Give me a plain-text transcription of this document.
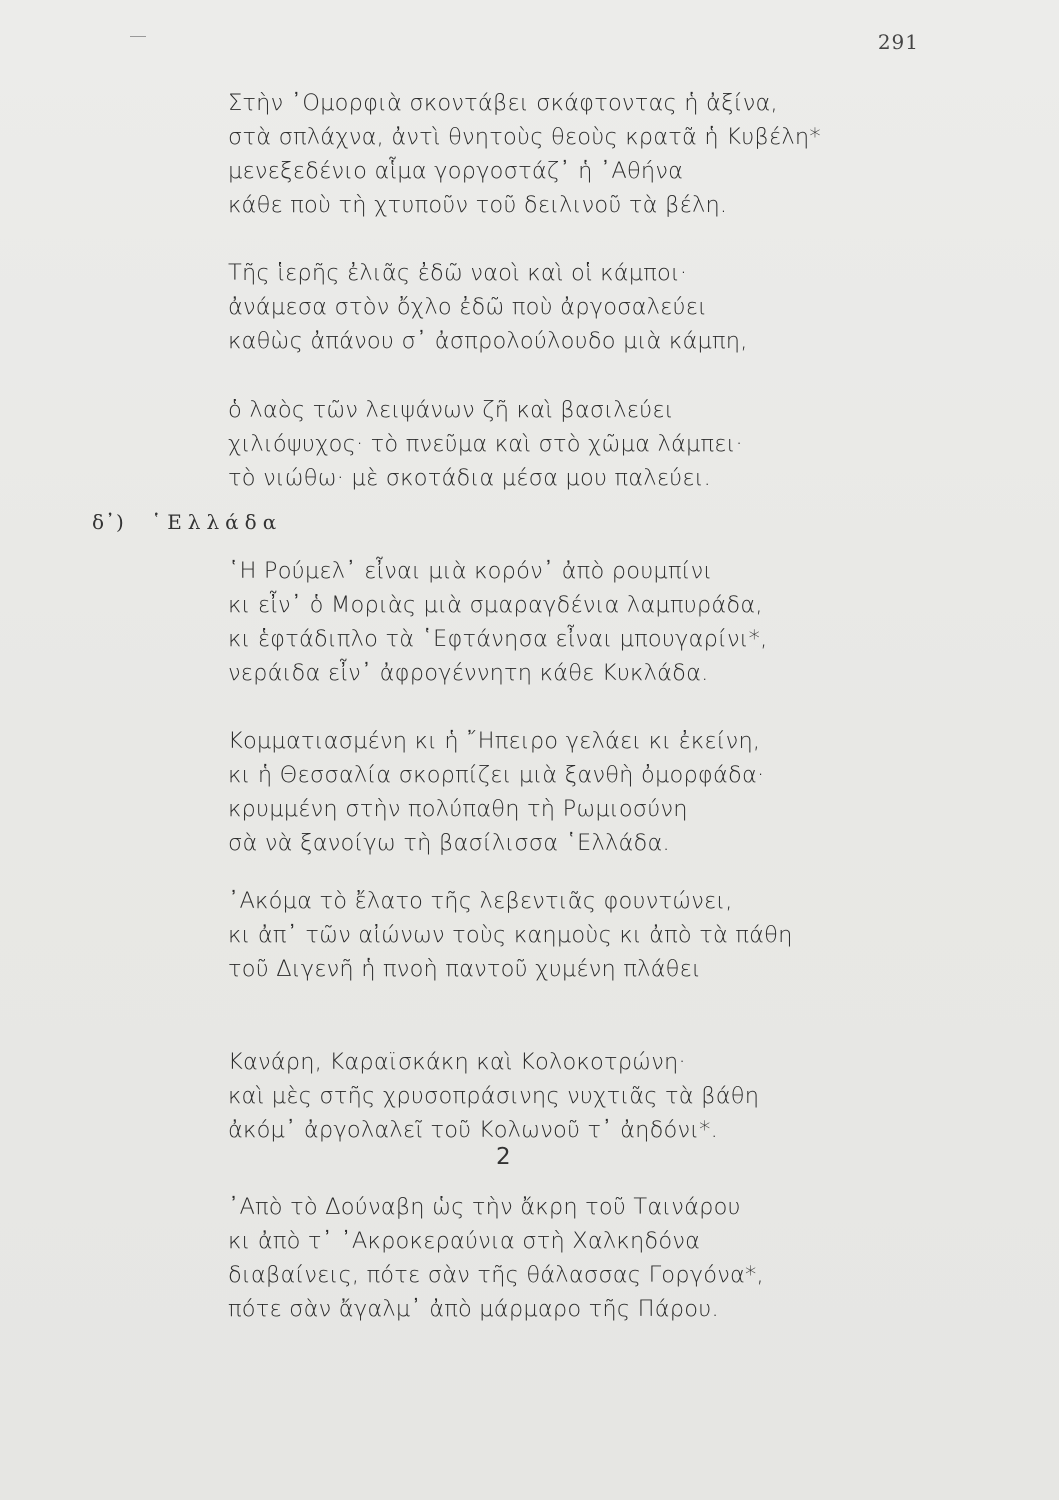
291
Στὴν ᾿Ομορφιὰ σκοντάβει σκάφτοντας ἡ ἀξίνα,
στὰ σπλάχνα, ἀντὶ θνητοὺς θεοὺς κρατᾶ ἡ Κυβέλη*
μενεξεδένιο αἷμα γοργοστάζ᾿ ἡ ᾿Αθήνα
κάθε ποὺ τὴ χτυποῦν τοῦ δειλινοῦ τὰ βέλη.
Τῆς ἱερῆς ἐλιᾶς ἐδῶ ναοὶ καὶ οἱ κάμποι·
ἀνάμεσα στὸν ὄχλο ἐδῶ ποὺ ἀργοσαλεύει
καθὼς ἀπάνου σ᾿ ἀσπρολούλουδο μιὰ κάμπη,
ὁ λαὸς τῶν λειψάνων ζῆ καὶ βασιλεύει
χιλιόψυχος· τὸ πνεῦμα καὶ στὸ χῶμα λάμπει·
τὸ νιώθω· μὲ σκοτάδια μέσα μου παλεύει.
δ᾿) ῾Ελλάδα
῾Η Ρούμελ᾿ εἶναι μιὰ κορόν᾿ ἀπὸ ρουμπίνι
κι εἶν᾿ ὁ Μοριὰς μιὰ σμαραγδένια λαμπυράδα,
κι ἑφτάδιπλο τὰ ῾Εφτάνησα εἶναι μπουγαρίνι*,
νεράιδα εἶν᾿ ἀφρογέννητη κάθε Κυκλάδα.
Κομματιασμένη κι ἡ ῎Ηπειρο γελάει κι ἐκείνη,
κι ἡ Θεσσαλία σκορπίζει μιὰ ξανθὴ ὀμορφάδα·
κρυμμένη στὴν πολύπαθη τὴ Ρωμιοσύνη
σὰ νὰ ξανοίγω τὴ βασίλισσα ῾Ελλάδα.
᾿Ακόμα τὸ ἔλατο τῆς λεβεντιᾶς φουντώνει,
κι ἀπ᾿ τῶν αἰώνων τοὺς καημοὺς κι ἀπὸ τὰ πάθη
τοῦ Διγενῆ ἡ πνοὴ παντοῦ χυμένη πλάθει
Κανάρη, Καραϊσκάκη καὶ Κολοκοτρώνη·
καὶ μὲς στῆς χρυσοπράσινης νυχτιᾶς τὰ βάθη
ἀκόμ᾿ ἀργολαλεῖ τοῦ Κολωνοῦ τ᾿ ἀηδόνι*.
2
᾿Απὸ τὸ Δούναβη ὡς τὴν ἄκρη τοῦ Ταινάρου
κι ἀπὸ τ᾿ ᾿Ακροκεραύνια στὴ Χαλκηδόνα
διαβαίνεις, πότε σὰν τῆς θάλασσας Γοργόνα*,
πότε σὰν ἄγαλμ᾿ ἀπὸ μάρμαρο τῆς Πάρου.
